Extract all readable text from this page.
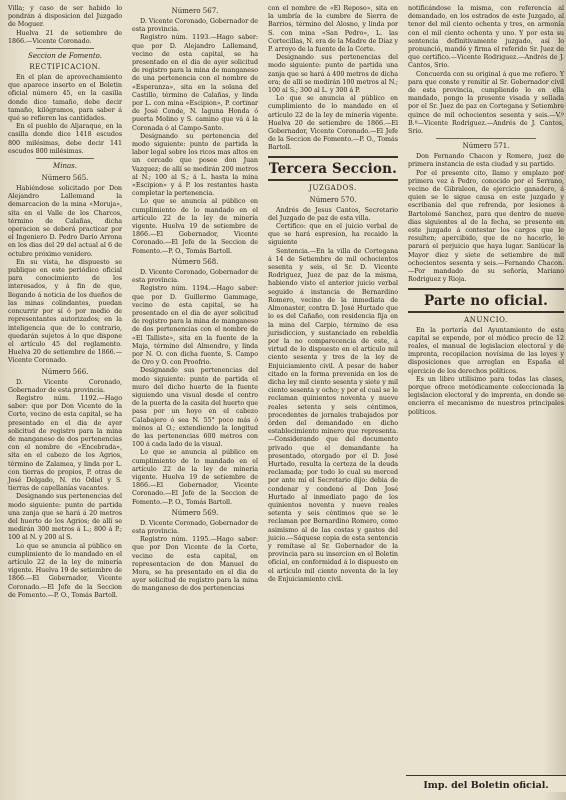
Villa; y caso de ser habido lo pondrán á disposicion del Juzgado de Moguer.

Huelva 21 de setiembre de 1866.—Vicente Coronado.

Seccion de Fomento.
RECTIFICACION.

En el plan de aprovechamiento que aparece inserto en el Boletin oficial número 45, en la casilla donde dice tamaño, debe decir tamaño, kilógramos, para saber á qué se refieren las cantidades.

En el pueblo de Aljaraque, en la casilla donde dice 1418 escudos 800 milésimas, debe decir 141 escudos 800 milésimas.

Minas.
Número 565.

Habiéndose solicitado por Don Alejandro Lallemand la demarcacion de la mina «Moruja», sita en el Valle de los Charcos, término de Calañas, dicha operacion se deberá practicar por el Ingeniero D. Pedro Darío Arrona en los dias del 29 del actual al 6 de octubre próximo venidero.

En su vista, he dispuesto se publique en este periódico oficial para conocimiento de los interesados, y á fin de que, llegando á noticia de los dueños de las minas colindantes, puedan concurrir por sí ó por medio de representantes autorizados; en la inteligencia que de lo contrario, quedarán sujetos á lo que dispone el artículo 45 del reglamento. Huelva 20 de setiembre de 1866.—Vicente Coronado.

Número 566.

D. Vicente Coronado, Gobernador de esta provincia.

Registro núm. 1192.—Hago saber: que por Don Vicente de la Corte, vecino de esta capital, se ha presentado en el dia de ayer solicitud de registro para la mina de manganeso de dos pertenencias con el nombre de «Encebrada», sita en el cabezo de los Agrios, término de Zalamea, y linda por L. con tierras de propios, P. otras de José Delgado, N. rio Odiel y S. tierras de capellanías vacantes.

Designando sus pertenencias del modo siguiente: punto de partida una zanja que se hará á 20 metros del huerto de los Agrios; de allí se medirán 300 metros á L.; 800 á P.; 100 al N. y 200 al S.

Lo que se anuncia al público en cumplimiento de lo mandado en el artículo 22 de la ley de minería vigente. Huelva 19 de setiembre de 1866.—El Gobernador, Vicente Coronado.—El Jefe de la Seccion de Fomento.—P. O., Tomás Bartoll.

Número 567.

D. Vicente Coronado, Gobernador de esta provincia.

Registro núm. 1193.—Hago saber: que por D. Alejandro Lallemand, vecino de esta capital, se ha presentado en el dia de ayer solicitud de registro para la mina de manganeso de una pertenencia con el nombre de «Esperanza», sita en la solana del Castillo, término de Calañas, y linda por L. con mina «Escipion», P. cortinar de José Conde, N. laguna Honda ó puerta Molino y S. camino que vá á la Coronada ó al Campo-Santo.

Designando su pertenencia del modo siguiente: punto de partida la labor legal sobre los ricos mas altos en un cercado que posee don Juan Vazquez; de allí se medirán 200 metros al N.; 100 al S.; á L. hasta la mina «Escipion» y á P. los restantes hasta completar la pertenencia.

Lo que se anuncia al público en cumplimiento de lo mandado en el artículo 22 de la ley de minería vigente. Huelva 19 de setiembre de 1866.—El Gobernador, Vicente Coronado.—El Jefe de la Seccion de Fomento.—P. O., Tomás Bartoll.

Número 568.

D. Vicente Coronado, Gobernador de esta provincia.

Registro núm. 1194.—Hago saber: que por D. Guillermo Gammage, vecino de esta capital, se ha presentado en el dia de ayer solicitud de registro para la mina de manganeso de dos pertenencias con el nombre de «El Talliste», sita en la fuente de la Maja, término del Almendro, y linda por N. O. con dicha fuente, S. Campo de Oro y O. con Proofrio.

Designando sus pertenencias del modo siguiente: punto de partida el muro del dicho huerto de la fuente siguiendo una visual desde el centro de la puerta de la casita del huerto que pasa por un hoyo en el cabezo Calabajero ó sea N. 55° poco más ó ménos al O.; extendiendo la longitud de las pertenencias 600 metros con 100 á cada lado de la visual.

Lo que se anuncia al público en cumplimiento de lo mandado en el artículo 22 de la ley de minería vigente. Huelva 19 de setiembre de 1866.—El Gobernador, Vicente Coronado.—El Jefe de la Seccion de Fomento.—P. O., Tomás Bartoll.

Número 569.

D. Vicente Coronado, Gobernador de esta provincia.

Registro núm. 1195.—Hago saber: que por Don Vicente de la Corte, vecino de esta capital, en representacion de don Manuel de Mora, se ha presentado en el dia de ayer solicitud de registro para la mina de manganeso de dos pertenencias

con el nombre de «El Reposo», sita en la umbría de la cumbre de Sierra de Barrios, término del Alosno, y linda por S. con mina «San Pedro», L. las Cortecillas, N. era de la Madre de Díaz y P. arroyo de la fuente de la Corte.

Designando sus pertenencias del modo siguiente: punto de partida una zanja que se hará á 400 metros de dicha era; de allí se medirán 100 metros al N.; 100 al S.; 300 al L. y 300 á P.

Lo que se anuncia al público en cumplimiento de lo mandado en el artículo 22 de la ley de minería vigente. Huelva 20 de setiembre de 1866.—El Gobernador, Vicente Coronado.—El Jefe de la Seccion de Fomento.—P. O., Tomás Bartoll.

Tercera Seccion.
JUZGADOS.
Número 570.

Andrés de Jesus Cantos, Secretario del Juzgado de paz de esta villa.

Certifico: que en el juicio verbal de que se hará espresion, ha recaido la siguiente

Sentencia.—En la villa de Cortegana á 14 de Setiembre de mil ochocientos sesenta y seis, el Sr. D. Vicente Rodriguez, Juez de paz de la misma, habiendo visto el anterior juicio verbal seguido á instancia de Bernardino Romero, vecino de la inmediata de Almonaster, contra D. José Hurtado que lo es del Cañaño, con residencia fija en la mina del Carpio, término de esa jurisdiccion, y sustanciado en rebeldía por la no comparecencia de este, á virtud de lo dispuesto en el artículo mil ciento sesenta y tres de la ley de Enjuiciamiento civil. Á pesar de haber citado en la forma prevenida en los de dicha ley mil ciento sesenta y siete y mil ciento sesenta y ocho; y por el cual se le reclaman quinientos noventa y nueve reales setenta y seis céntimos, procedentes de jornales trabajados por órden del demandado en dicho establecimiento minero que representa.—Considerando que del documento privado que el demandante ha presentado, otorgado por el D. José Hurtado, resulta la certeza de la deuda reclamada; por todo lo cual su merced por ante mí el Secretario dijo: debia de condenar y condenó al Don José Hurtado al inmediato pago de los quinientos noventa y nueve reales setenta y seis céntimos que se le reclaman por Bernardino Romero, como asimismo al de las costas y gastos del juicio.—Sáquese copia de esta sentencia y remítase al Sr. Gobernador de la provincia para su insercion en el Boletin oficial, en conformidad á lo dispuesto en el artículo mil ciento noventa de la ley de Enjuiciamiento civil.

notificándose la misma, con referencia al demandado, en los estrados de este Juzgado, al tenor del mil ciento ochenta y tres, en armonía con el mil ciento ochenta y uno. Y por esta su sentencia definitivamente juzgado, así lo pronunció, mandó y firma el referido Sr. Juez de que certifico.—Vicente Rodriguez.—Andrés de J. Cantos, Srio.

Concuerda con su original á que me refiero. Y para que conste y remitir al Sr. Gobernador civil de esta provincia, cumpliendo lo en ella mandado, pongo la presente visada y sellada por el Sr. Juez de paz en Cortegana y Setiembre quince de mil ochocientos sesenta y seis.—V.º B.º—Vicente Rodriguez.—Andrés de J. Cantos, Srio.

Número 571.

Don Fernando Chacon y Romero, juez de primera instancia de esta ciudad y su partido.

Por el presente cito, llamo y emplazo por primera vez á Pedro, conocido por el Serrano, vecino de Gibraleon, de ejercicio ganadero, á quien se le sigue causa en este juzgado y escribanía del que refrenda, por lesiones á Bartolomé Sanchez, para que dentro de nueve dias siguientes al de la fecha, se presente en este juzgado á contestar los cargos que le resulten; apercibido, que de no hacerlo, le parará el perjuicio que haya lugar. Sanlúcar la Mayor diez y siete de setiembre de mil ochocientos sesenta y seis.—Fernando Chacon.—Por mandado de su señoría, Mariano Rodriguez y Rioja.

Parte no oficial.
ANUNCIO.

En la portería del Ayuntamiento de esta capital se expende, por el módico precio de 12 reales, el manual de legislacion electoral y de imprenta, recopilacion novísima de las leyes y disposiciones que arreglan en España el ejercicio de los derechos políticos.

Es un libro utilísimo para todas las clases, porque ofrece metódicamente coleccionada la legislacion electoral y de imprenta, en donde se encierra el mecanismo de nuestros principales políticos.

Imp. del Boletin oficial.
